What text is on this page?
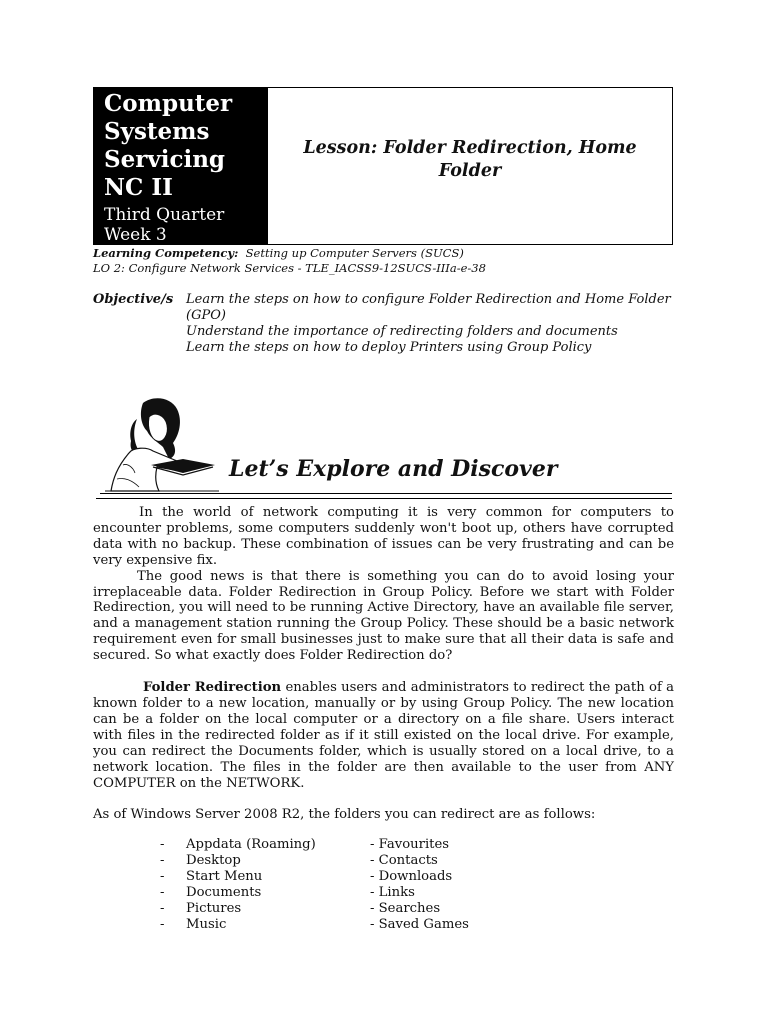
Computer
Systems
Servicing
NC II
Third Quarter
Week 3
Lesson: Folder Redirection, Home Folder
Learning Competency: Setting up Computer Servers (SUCS)
LO 2: Configure Network Services - TLE_IACSS9-12SUCS-IIIa-e-38
Objective/s Learn the steps on how to configure Folder Redirection and Home Folder (GPO)
Understand the importance of redirecting folders and documents
Learn the steps on how to deploy Printers using Group Policy
Let’s Explore and Discover

In the world of network computing it is very common for computers to encounter problems, some computers suddenly won't boot up, others have corrupted data with no backup. These combination of issues can be very frustrating and can be very expensive fix.

The good news is that there is something you can do to avoid losing your irreplaceable data. Folder Redirection in Group Policy. Before we start with Folder Redirection, you will need to be running Active Directory, have an available file server, and a management station running the Group Policy. These should be a basic network requirement even for small businesses just to make sure that all their data is safe and secured. So what exactly does Folder Redirection do?

Folder Redirection enables users and administrators to redirect the path of a known folder to a new location, manually or by using Group Policy. The new location can be a folder on the local computer or a directory on a file share. Users interact with files in the redirected folder as if it still existed on the local drive. For example, you can redirect the Documents folder, which is usually stored on a local drive, to a network location. The files in the folder are then available to the user from ANY COMPUTER on the NETWORK.

As of Windows Server 2008 R2, the folders you can redirect are as follows:

-	Appdata (Roaming)
-	Desktop
-	Start Menu
-	Documents
-	Pictures
-	Music
- Favourites
- Contacts
- Downloads
- Links
- Searches
- Saved Games
